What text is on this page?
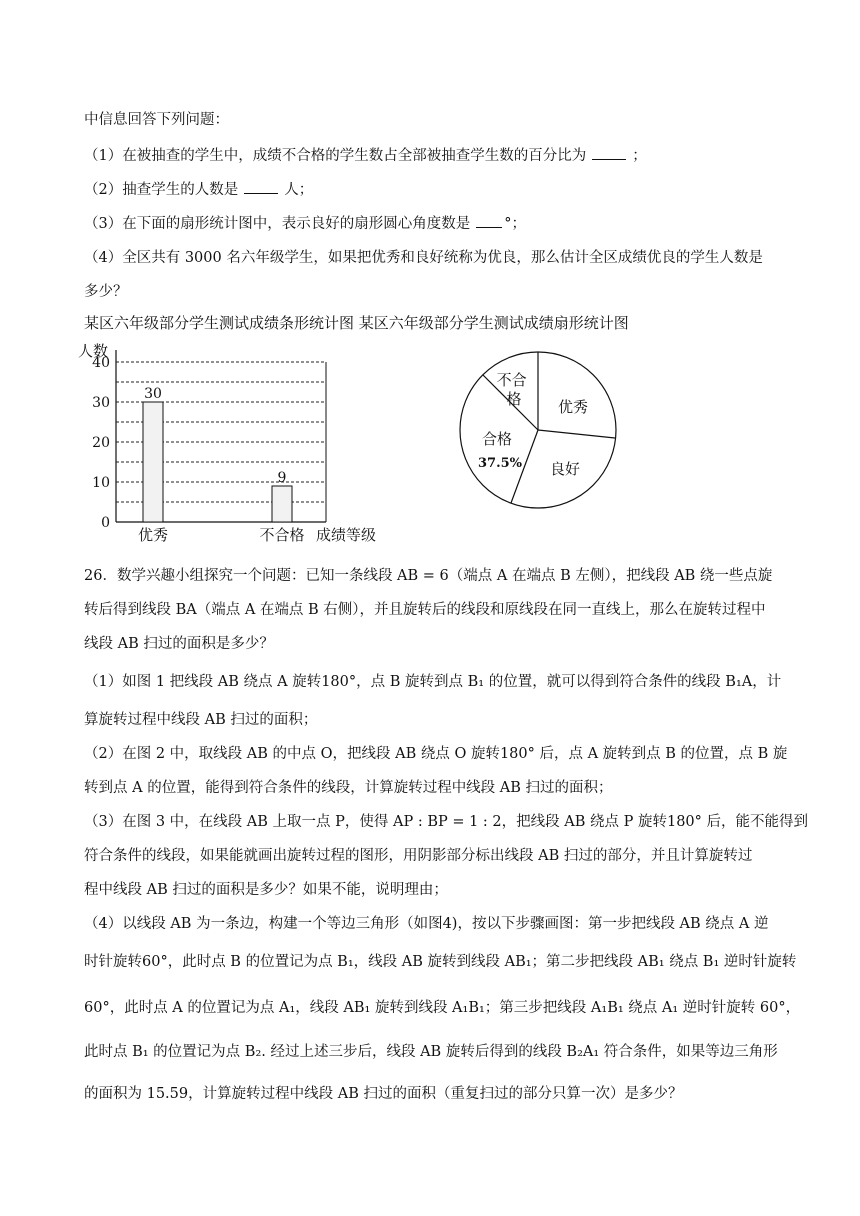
中信息回答下列问题：
（1）在被抽查的学生中，成绩不合格的学生数占全部被抽查学生数的百分比为	；
（2）抽查学生的人数是	人；
（3）在下面的扇形统计图中，表示良好的扇形圆心角度数是 °；
（4）全区共有 3000 名六年级学生，如果把优秀和良好统称为优良，那么估计全区成绩优良的学生人数是
多少？
某区六年级部分学生测试成绩条形统计图 某区六年级部分学生测试成绩扇形统计图
人数
0
10
20
30
40
30
9
优秀	不合格 成绩等级
优秀
良好
合格
37.5%
不合 格
26．数学兴趣小组探究一个问题：已知一条线段 AB = 6（端点 A 在端点 B 左侧），把线段 AB 绕一些点旋
转后得到线段 BA（端点 A 在端点 B 右侧），并且旋转后的线段和原线段在同一直线上，那么在旋转过程中
线段 AB 扫过的面积是多少？
（1）如图 1 把线段 AB 绕点 A 旋转180°，点 B 旋转到点 B₁ 的位置，就可以得到符合条件的线段 B₁A，计
算旋转过程中线段 AB 扫过的面积；
（2）在图 2 中，取线段 AB 的中点 O，把线段 AB 绕点 O 旋转180° 后，点 A 旋转到点 B 的位置，点 B 旋
转到点 A 的位置，能得到符合条件的线段，计算旋转过程中线段 AB 扫过的面积；
（3）在图 3 中，在线段 AB 上取一点 P，使得 AP : BP = 1 : 2，把线段 AB 绕点 P 旋转180° 后，能不能得到
符合条件的线段，如果能就画出旋转过程的图形，用阴影部分标出线段 AB 扫过的部分，并且计算旋转过
程中线段 AB 扫过的面积是多少？如果不能，说明理由；
（4）以线段 AB 为一条边，构建一个等边三角形（如图4)，按以下步骤画图：第一步把线段 AB 绕点 A 逆
时针旋转60°，此时点 B 的位置记为点 B₁，线段 AB 旋转到线段 AB₁；第二步把线段 AB₁ 绕点 B₁ 逆时针旋转
60°，此时点 A 的位置记为点 A₁，线段 AB₁ 旋转到线段 A₁B₁；第三步把线段 A₁B₁ 绕点 A₁ 逆时针旋转 60°，
此时点 B₁ 的位置记为点 B₂. 经过上述三步后，线段 AB 旋转后得到的线段 B₂A₁ 符合条件，如果等边三角形
的面积为 15.59，计算旋转过程中线段 AB 扫过的面积（重复扫过的部分只算一次）是多少？
